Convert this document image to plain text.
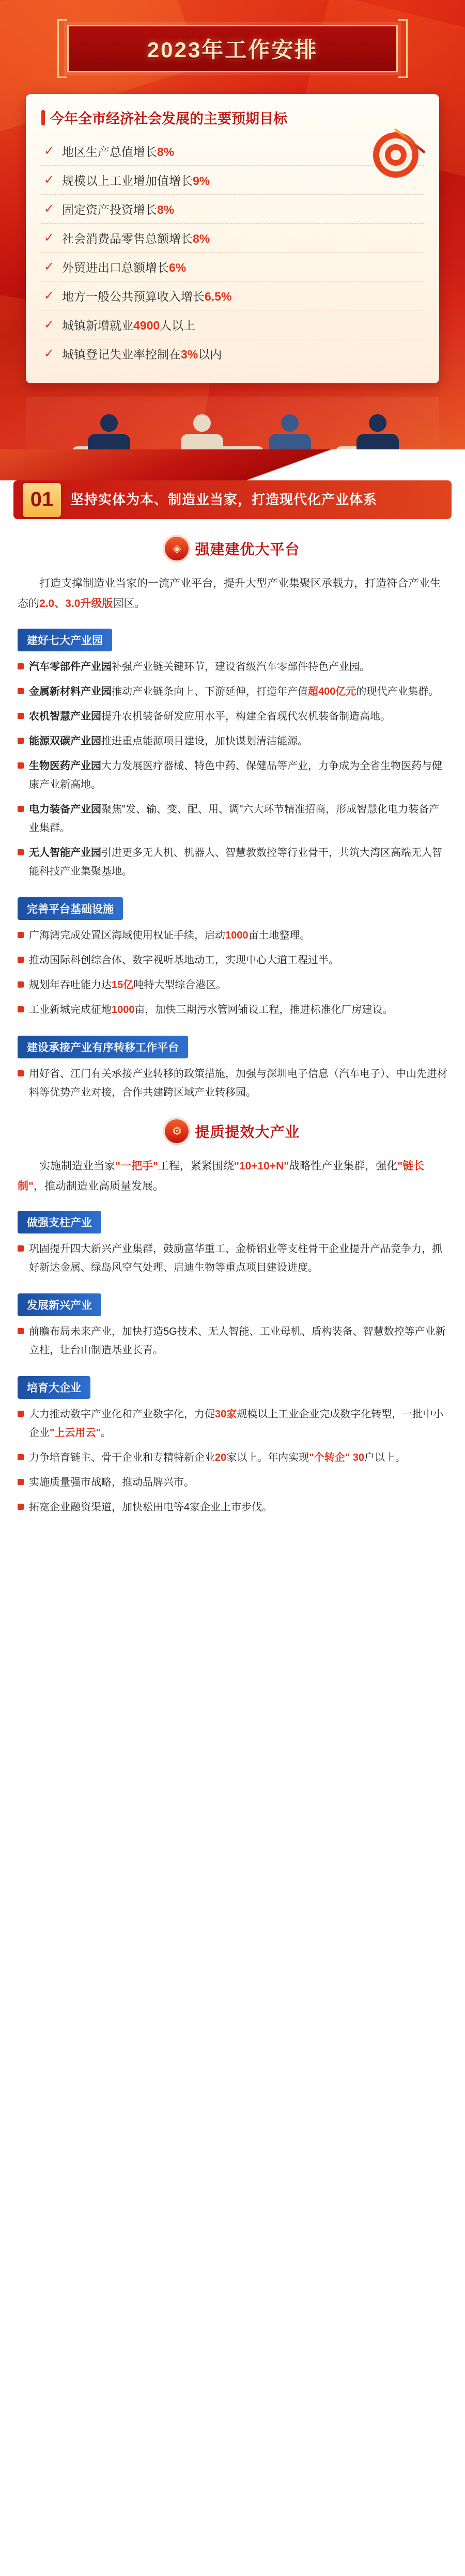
2023年工作安排
今年全市经济社会发展的主要预期目标
✓ 地区生产总值增长8%
✓ 规模以上工业增加值增长9%
✓ 固定资产投资增长8%
✓ 社会消费品零售总额增长8%
✓ 外贸进出口总额增长6%
✓ 地方一般公共预算收入增长6.5%
✓ 城镇新增就业4900人以上
✓ 城镇登记失业率控制在3%以内
01	坚持实体为本、制造业当家，打造现代化产业体系
◈ 强建建优大平台
打造支撑制造业当家的一流产业平台，提升大型产业集聚区承载力，打造符合产业生态的2.0、3.0升级版园区。
建好七大产业园
汽车零部件产业园补强产业链关键环节，建设省级汽车零部件特色产业园。
金属新材料产业园推动产业链条向上、下游延伸，打造年产值超400亿元的现代产业集群。
农机智慧产业园提升农机装备研发应用水平，构建全省现代农机装备制造高地。
能源双碳产业园推进重点能源项目建设，加快谋划清洁能源。
生物医药产业园大力发展医疗器械、特色中药、保健品等产业，力争成为全省生物医药与健康产业新高地。
电力装备产业园聚焦"发、输、变、配、用、调"六大环节精准招商，形成智慧化电力装备产业集群。
无人智能产业园引进更多无人机、机器人、智慧教数控等行业骨干，共筑大湾区高端无人智能科技产业集聚基地。
完善平台基础设施
广海湾完成处置区海域使用权证手续，启动1000亩土地整理。
推动国际科创综合体、数字视听基地动工，实现中心大道工程过半。
规划年吞吐能力达15亿吨特大型综合港区。
工业新城完成征地1000亩，加快三期污水管网铺设工程，推进标准化厂房建设。
建设承接产业有序转移工作平台
用好省、江门有关承接产业转移的政策措施，加强与深圳电子信息（汽车电子）、中山先进材料等优势产业对接，合作共建跨区域产业转移园。
⚙ 提质提效大产业
实施制造业当家"一把手"工程，紧紧围绕"10+10+N"战略性产业集群，强化"链长制"，推动制造业高质量发展。
做强支柱产业
巩固提升四大新兴产业集群，鼓励富华重工、金桥铝业等支柱骨干企业提升产品竞争力，抓好新达金属、绿岛风空气处理、启迪生物等重点项目建设进度。
发展新兴产业
前瞻布局未来产业，加快打造5G技术、无人智能、工业母机、盾构装备、智慧数控等产业新立柱，让台山制造基业长青。
培育大企业
大力推动数字产业化和产业数字化，力促30家规模以上工业企业完成数字化转型，一批中小企业"上云用云"。
力争培育链主、骨干企业和专精特新企业20家以上。年内实现"个转企" 30户以上。
实施质量强市战略，推动品牌兴市。
拓宽企业融资渠道，加快松田电等4家企业上市步伐。
